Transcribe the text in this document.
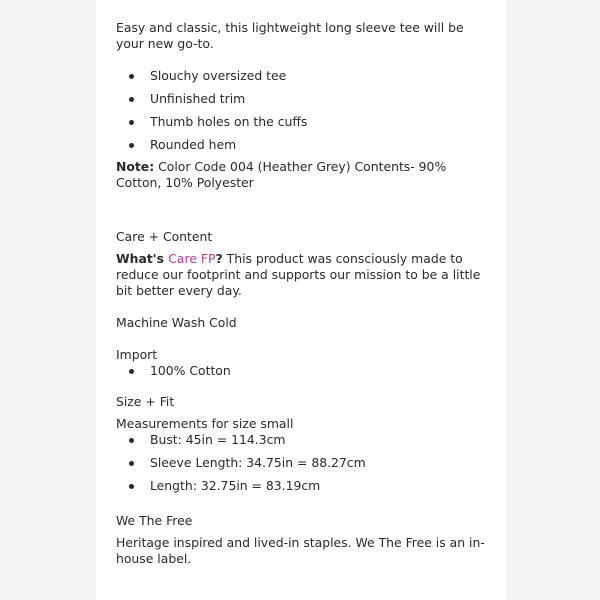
Easy and classic, this lightweight long sleeve tee will be your new go-to.

Slouchy oversized tee
Unfinished trim
Thumb holes on the cuffs
Rounded hem

Note: Color Code 004 (Heather Grey) Contents- 90% Cotton, 10% Polyester

Care + Content

What's Care FP? This product was consciously made to reduce our footprint and supports our mission to be a little bit better every day.

Machine Wash Cold

Import

100% Cotton

Size + Fit

Measurements for size small

Bust: 45in = 114.3cm
Sleeve Length: 34.75in = 88.27cm
Length: 32.75in = 83.19cm

We The Free

Heritage inspired and lived-in staples. We The Free is an in-house label.
